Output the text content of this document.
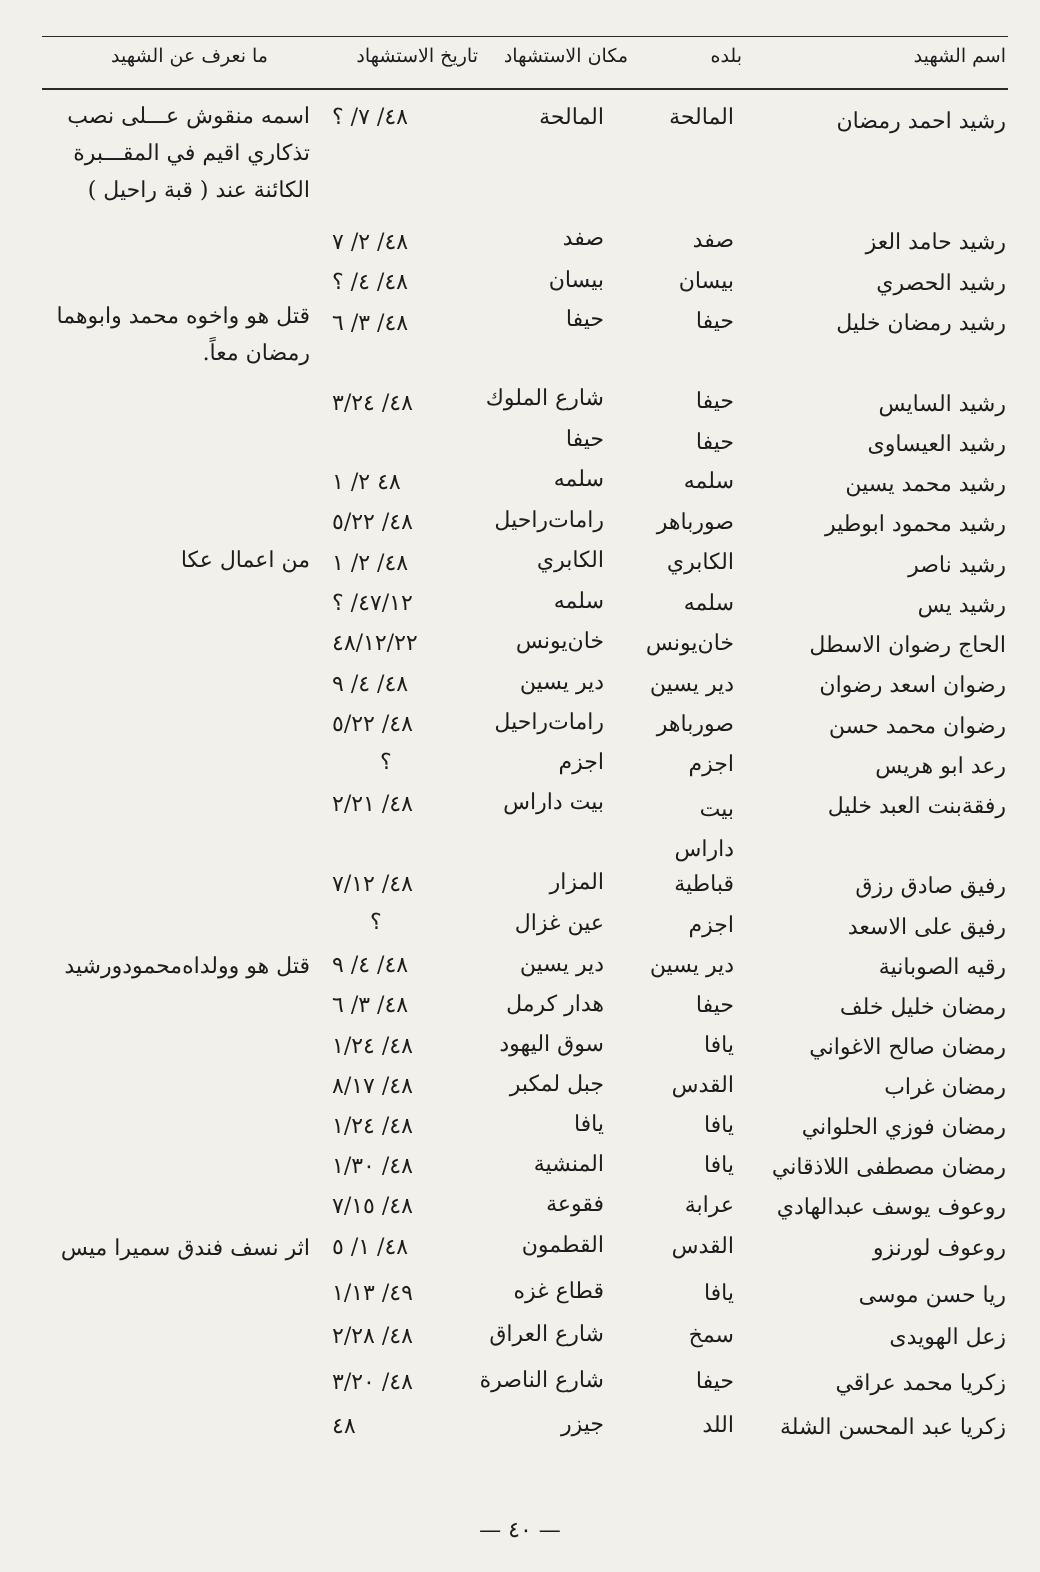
اسم الشهيد
بلده
مكان الاستشهاد
تاريخ الاستشهاد
ما نعرف عن الشهيد
رشيد احمد رمضان
المالحة
المالحة
٤٨/ ٧/ ؟
اسمه منقوش عـــلى نصب تذكاري اقيم في المقـــبرة الكائنة عند ( قبة راحيل )
رشيد حامد العز
صفد
صفد
٤٨/ ٢/ ٧
رشيد الحصري
بيسان
بيسان
٤٨/ ٤/ ؟
رشيد رمضان خليل
حيفا
حيفا
٤٨/ ٣/ ٦
قتل هو واخوه محمد وابوهما رمضان معاً.
رشيد السايس
حيفا
شارع الملوك
٤٨/ ٣/٢٤
رشيد العيساوى
حيفا
حيفا
رشيد محمد يسين
سلمه
سلمه
٤٨ ٢/ ١
رشيد محمود ابوطير
صورباهر
رامات‌راحيل
٤٨/ ٥/٢٢
رشيد ناصر
الكابري
الكابري
٤٨/ ٢/ ١
من اعمال عكا
رشيد يس
سلمه
سلمه
٤٧/١٢/ ؟
الحاج رضوان الاسطل
خان‌يونس
خان‌يونس
٤٨/١٢/٢٢
رضوان اسعد رضوان
دير يسين
دير يسين
٤٨/ ٤/ ٩
رضوان محمد حسن
صورباهر
رامات‌راحيل
٤٨/ ٥/٢٢
رعد ابو هريس
اجزم
اجزم
؟
رفقةبنت العبد خليل
بيت داراس
بيت داراس
٤٨/ ٢/٢١
رفيق صادق رزق
قباطية
المزار
٤٨/ ٧/١٢
رفيق على الاسعد
اجزم
عين غزال
؟
رقيه الصوبانية
دير يسين
دير يسين
٤٨/ ٤/ ٩
قتل هو وولداه‌محمودورشيد
رمضان خليل خلف
حيفا
هدار كرمل
٤٨/ ٣/ ٦
رمضان صالح الاغواني
يافا
سوق اليهود
٤٨/ ١/٢٤
رمضان غراب
القدس
جبل لمكبر
٤٨/ ٨/١٧
رمضان فوزي الحلواني
يافا
يافا
٤٨/ ١/٢٤
رمضان مصطفى اللاذقاني
يافا
المنشية
٤٨/ ١/٣٠
روعوف يوسف عبدالهادي
عرابة
فقوعة
٤٨/ ٧/١٥
روعوف لورنزو
القدس
القطمون
٤٨/ ١/ ٥
اثر نسف فندق سميرا ميس
ريا حسن موسى
يافا
قطاع غزه
٤٩/ ١/١٣
زعل الهويدى
سمخ
شارع العراق
٤٨/ ٢/٢٨
زكريا محمد عراقي
حيفا
شارع الناصرة
٤٨/ ٣/٢٠
زكريا عبد المحسن الشلة
اللد
جيزر
٤٨
— ٤٠ —
